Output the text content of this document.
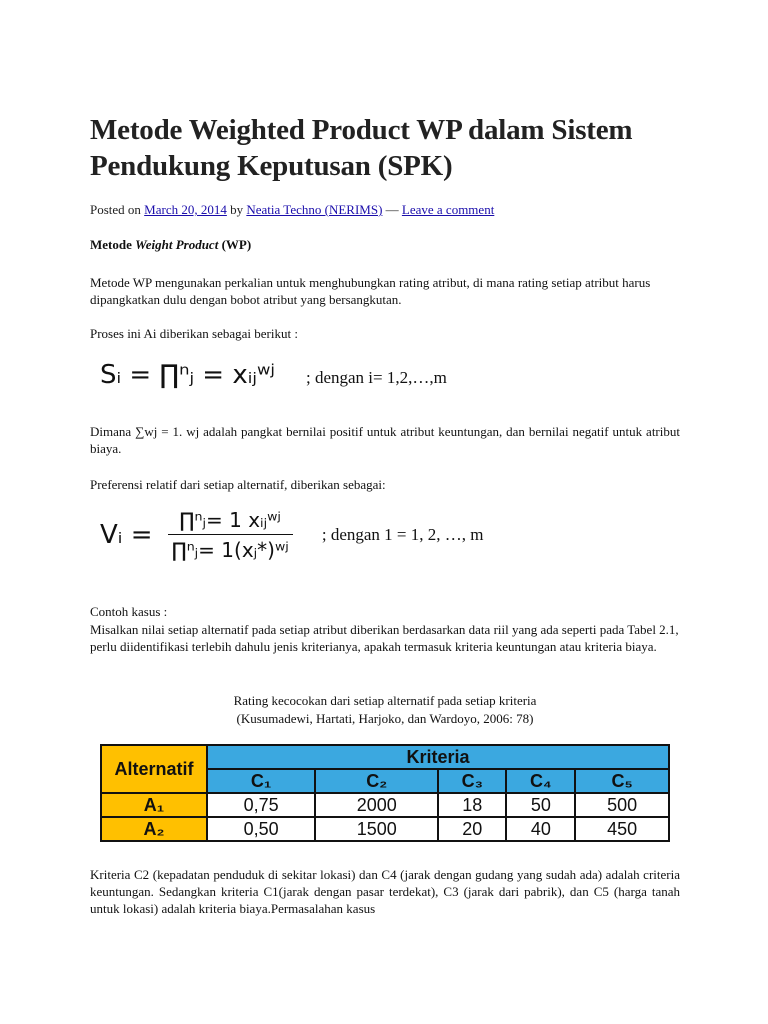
Metode Weighted Product WP dalam Sistem Pendukung Keputusan (SPK)
Posted on March 20, 2014 by Neatia Techno (NERIMS) — Leave a comment
Metode Weight Product (WP)
Metode WP mengunakan perkalian untuk menghubungkan rating atribut, di mana rating setiap atribut harus dipangkatkan dulu dengan bobot atribut yang bersangkutan.
Proses ini Ai diberikan sebagai berikut :
Sᵢ = ∏ⁿⱼ = xᵢⱼʷʲ ; dengan i= 1,2,…,m
Dimana ∑wj = 1. wj adalah pangkat bernilai positif untuk atribut keuntungan, dan bernilai negatif untuk atribut biaya.
Preferensi relatif dari setiap alternatif, diberikan sebagai:
Vᵢ = $\frac{\text{∏ⁿⱼ= 1 xᵢⱼʷʲ}}{\text{∏ⁿⱼ= 1(xⱼ*)ʷʲ}}$ ; dengan 1 = 1, 2, …, m
Contoh kasus :
Misalkan nilai setiap alternatif pada setiap atribut diberikan berdasarkan data riil yang ada seperti pada Tabel 2.1, perlu diidentifikasi terlebih dahulu jenis kriterianya, apakah termasuk kriteria keuntungan atau kriteria biaya.
Rating kecocokan dari setiap alternatif pada setiap kriteria
(Kusumadewi, Hartati, Harjoko, dan Wardoyo, 2006: 78)
Alternatif	Kriteria				
	C₁	C₂	C₃	C₄	C₅
A₁	0,75	2000	18	50	500
A₂	0,50	1500	20	40	450
Kriteria C2 (kepadatan penduduk di sekitar lokasi) dan C4 (jarak dengan gudang yang sudah ada) adalah criteria keuntungan. Sedangkan kriteria C1(jarak dengan pasar terdekat), C3 (jarak dari pabrik), dan C5 (harga tanah untuk lokasi) adalah kriteria biaya.Permasalahan kasus
